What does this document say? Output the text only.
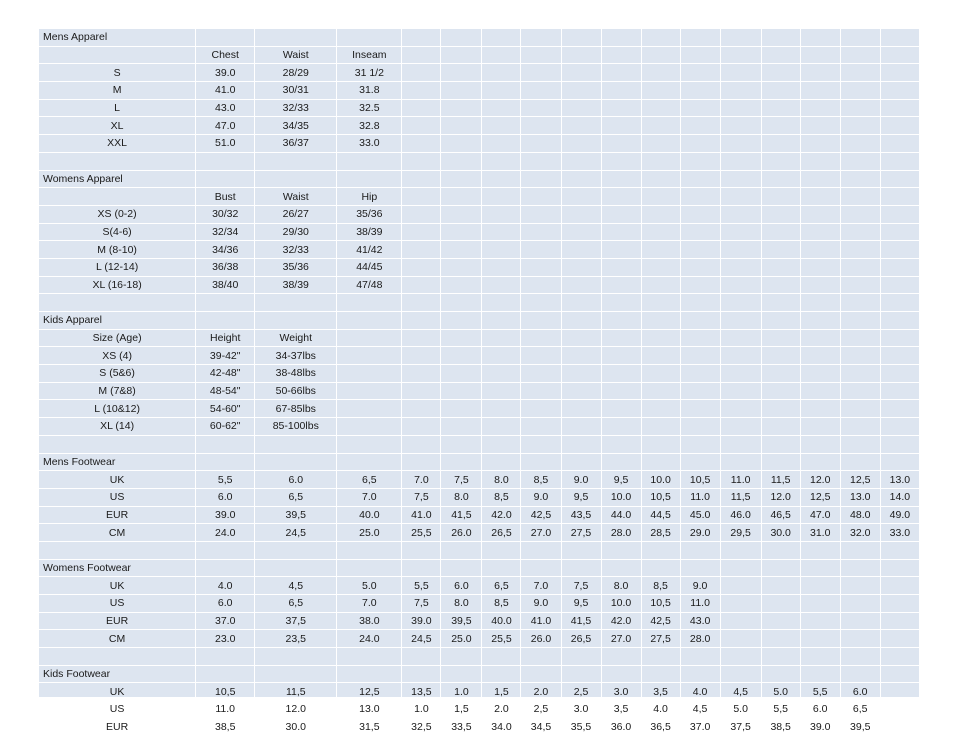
Mens Apparel																
	Chest	Waist	Inseam													
S	39.0	28/29	31 1/2													
M	41.0	30/31	31.8													
L	43.0	32/33	32.5													
XL	47.0	34/35	32.8													
XXL	51.0	36/37	33.0													

Womens Apparel																
	Bust	Waist	Hip													
XS (0-2)	30/32	26/27	35/36													
S(4-6)	32/34	29/30	38/39													
M (8-10)	34/36	32/33	41/42													
L (12-14)	36/38	35/36	44/45													
XL (16-18)	38/40	38/39	47/48													

Kids Apparel																
Size (Age)	Height	Weight														
XS (4)	39-42"	34-37lbs														
S (5&6)	42-48"	38-48lbs														
M (7&8)	48-54"	50-66lbs														
L (10&12)	54-60"	67-85lbs														
XL (14)	60-62"	85-100lbs														

Mens Footwear																
UK	5,5	6.0	6,5	7.0	7,5	8.0	8,5	9.0	9,5	10.0	10,5	11.0	11,5	12.0	12,5	13.0
US	6.0	6,5	7.0	7,5	8.0	8,5	9.0	9,5	10.0	10,5	11.0	11,5	12.0	12,5	13.0	14.0
EUR	39.0	39,5	40.0	41.0	41,5	42.0	42,5	43,5	44.0	44,5	45.0	46.0	46,5	47.0	48.0	49.0
CM	24.0	24,5	25.0	25,5	26.0	26,5	27.0	27,5	28.0	28,5	29.0	29,5	30.0	31.0	32.0	33.0

Womens Footwear																
UK	4.0	4,5	5.0	5,5	6.0	6,5	7.0	7,5	8.0	8,5	9.0					
US	6.0	6,5	7.0	7,5	8.0	8,5	9.0	9,5	10.0	10,5	11.0					
EUR	37.0	37,5	38.0	39.0	39,5	40.0	41.0	41,5	42.0	42,5	43.0					
CM	23.0	23,5	24.0	24,5	25.0	25,5	26.0	26,5	27.0	27,5	28.0					

Kids Footwear																
UK	10,5	11,5	12,5	13,5	1.0	1,5	2.0	2,5	3.0	3,5	4.0	4,5	5.0	5,5	6.0	
US	11.0	12.0	13.0	1.0	1,5	2.0	2,5	3.0	3,5	4.0	4,5	5.0	5,5	6.0	6,5	
EUR	38,5	30.0	31,5	32,5	33,5	34.0	34,5	35,5	36.0	36,5	37.0	37,5	38,5	39.0	39,5	
